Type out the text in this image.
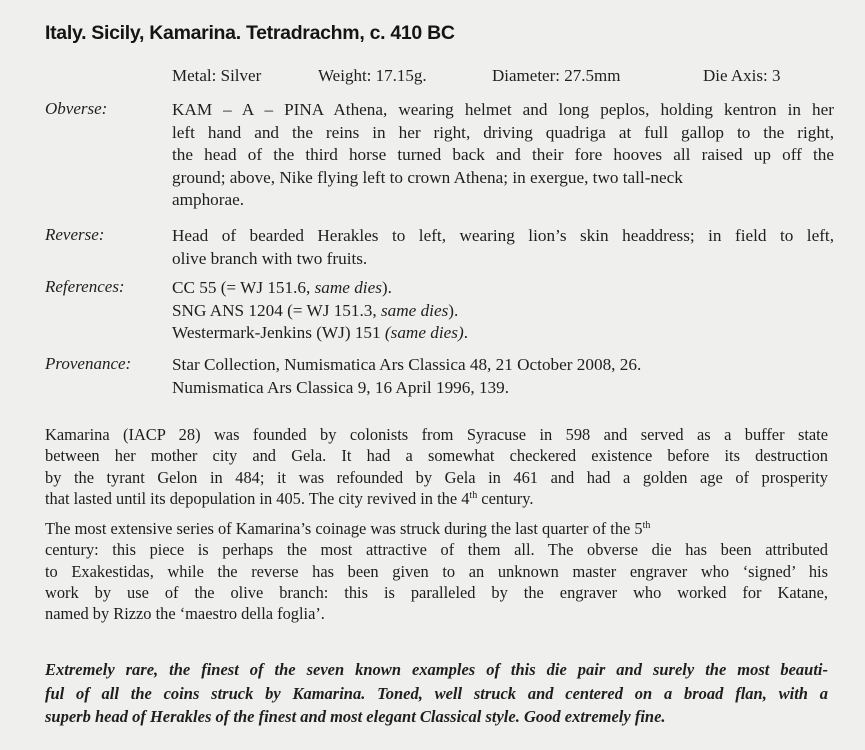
Italy. Sicily, Kamarina. Tetradrachm, c. 410 BC
Metal: Silver	Weight: 17.15g.	Diameter: 27.5mm	Die Axis: 3
Obverse:	KAM – A – PINA Athena, wearing helmet and long peplos, holding kentron in her
left hand and the reins in her right, driving quadriga at full gallop to the right,
the head of the third horse turned back and their fore hooves all raised up off the
ground; above, Nike flying left to crown Athena; in exergue, two tall-neck
amphorae.
Reverse:	Head of bearded Herakles to left, wearing lion’s skin headdress; in field to left,
olive branch with two fruits.
References:	CC 55 (= WJ 151.6, same dies).
SNG ANS 1204 (= WJ 151.3, same dies).
Westermark-Jenkins (WJ) 151 (same dies).
Provenance: Star Collection, Numismatica Ars Classica 48, 21 October 2008, 26.
Numismatica Ars Classica 9, 16 April 1996, 139.
Kamarina (IACP 28) was founded by colonists from Syracuse in 598 and served as a buffer state
between her mother city and Gela. It had a somewhat checkered existence before its destruction
by the tyrant Gelon in 484; it was refounded by Gela in 461 and had a golden age of prosperity
that lasted until its depopulation in 405. The city revived in the 4th century.
The most extensive series of Kamarina’s coinage was struck during the last quarter of the 5th
century: this piece is perhaps the most attractive of them all. The obverse die has been attributed
to Exakestidas, while the reverse has been given to an unknown master engraver who ‘signed’ his
work by use of the olive branch: this is paralleled by the engraver who worked for Katane,
named by Rizzo the ‘maestro della foglia’.
Extremely rare, the finest of the seven known examples of this die pair and surely the most beauti-
ful of all the coins struck by Kamarina. Toned, well struck and centered on a broad flan, with a
superb head of Herakles of the finest and most elegant Classical style. Good extremely fine.
